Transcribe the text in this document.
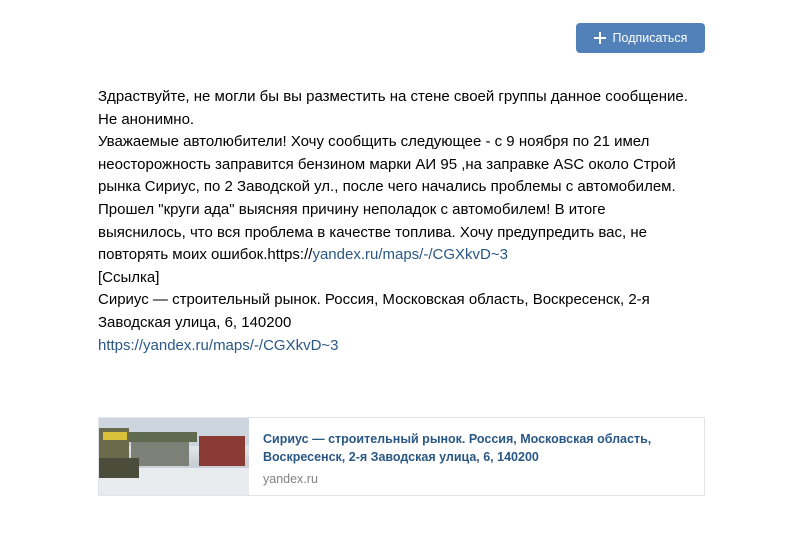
Подписаться
Здраствуйте, не могли бы вы разместить на стене своей группы данное сообщение.
Не анонимно.
Уважаемые автолюбители! Хочу сообщить следующее - с 9 ноября по 21 имел
неосторожность заправится бензином марки АИ 95 ,на заправке ASC около Строй
рынка Сириус, по 2 Заводской ул., после чего начались проблемы с автомобилем.
Прошел "круги ада" выясняя причину неполадок с автомобилем! В итоге
выяснилось, что вся проблема в качестве топлива. Хочу предупредить вас, не
повторять моих ошибок.https://yandex.ru/maps/-/CGXkvD~3
[Ссылка]
Сириус — строительный рынок. Россия, Московская область, Воскресенск, 2-я
Заводская улица, 6, 140200
https://yandex.ru/maps/-/CGXkvD~3
Сириус — строительный рынок. Россия, Московская область, Воскресенск, 2-я Заводская улица, 6, 140200
yandex.ru
